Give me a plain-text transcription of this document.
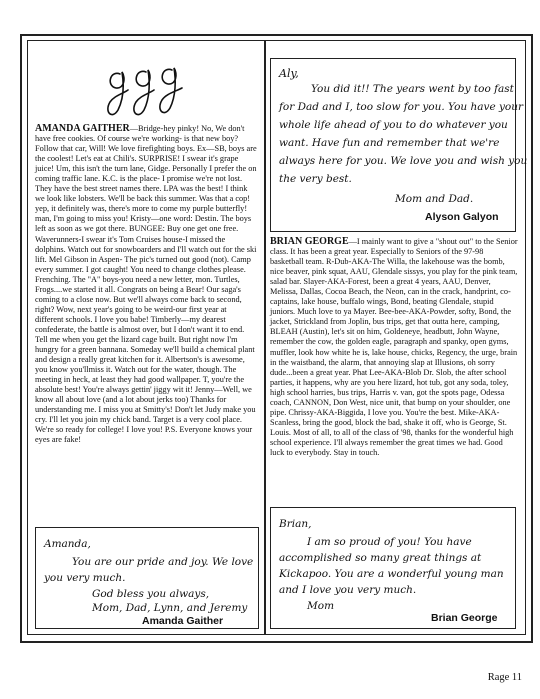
AMANDA GAITHER—Bridge-hey pinky! No, We don't have free cookies. Of course we're working- is that new boy? Follow that car, Will! We love firefighting boys. Ex—SB, boys are the coolest! Let's eat at Chili's. SURPRISE! I swear it's grape juice! Um, this isn't the turn lane, Gidge. Personally I prefer the on coming traffic lane. K.C. is the place- I promise we're not lost. They have the best street names there. LPA was the best! I think we look like lobsters. We'll be back this summer. Was that a cop! yep, it definitely was, there's more to come my purple butterfly! man, I'm going to miss you! Kristy—one word: Destin. The boys left as soon as we got there. BUNGEE: Buy one get one free. Waverunners-I swear it's Tom Cruises house-I missed the dolphins. Watch out for snowboarders and I'll watch out for the ski lift. Mel Gibson in Aspen- The pic's turned out good (not). Camp every summer. I got caught! You need to change clothes please. Frenching. The "A" boys-you need a new letter, mon. Turtles, Frogs....we started it all. Congrats on being a Bear! Our saga's coming to a close now. But we'll always come back to second, right? Wow, next year's going to be weird-our first year at different schools. I love you babe! Timberly—my dearest confederate, the battle is almost over, but I don't want it to end. Tell me when you get the lizard cage built. But right now I'm hungry for a green bannana. Someday we'll build a chemical plant and design a really great kitchen for it. Albertson's is awesome, you know you'llmiss it. Watch out for the water, though. The meeting in heck, at least they had good wallpaper. T, you're the absolute best! You're always gettin' jiggy wit it! Jenny—Well, we know all about love (and a lot about jerks too) Thanks for understanding me. I miss you at Smitty's! Don't let Judy make you cry. I'll let you join my chick band. Target is a very cool place. We're so ready for college! I love you! P.S. Everyone knows your eyes are fake!

BRIAN GEORGE—I mainly want to give a "shout out" to the Senior class. It has been a great year. Especially to Seniors of the 97-98 basketball team. R-Dub-AKA-The Willa, the lakehouse was the bomb, nice beaver, pink squat, AAU, Glendale sissys, you play for the pink team, salad bar. Slayer-AKA-Forest, been a great 4 years, AAU, Denver, Melissa, Dallas, Cocoa Beach, the Neon, can in the crack, handprint, co-captains, lake house, buffalo wings, Bond, beating Glendale, stupid juniors. Much love to ya Mayer. Bee-bee-AKA-Powder, softy, Bond, the jacket, Strickland from Joplin, bus trips, get that outta here, camping, BLEAH (Austin), let's sit on him, Goldeneye, headbutt, John Wayne, remember the cow, the golden eagle, paragraph and spanky, open gyms, muffler, look how white he is, lake house, chicks, Regency, the urge, brain in the waistband, the alarm, that annoying slap at Illusions, oh sorry dude...been a great year. Phat Lee-AKA-Blob Dr. Slob, the after school parties, it happens, why are you here lizard, hot tub, got any soda, toley, high school harries, bus trips, Harris v. van, got the spots page, Odessa coach, CANNON, Don West, nice unit, that bump on your shoulder, one pipe. Chrissy-AKA-Biggida, I love you. You're the best. Mike-AKA-Scanless, bring the good, block the bad, shake it off, who is George, St. Louis. Most of all, to all of the class of '98, thanks for the wonderful high school experience. I'll always remember the great times we had. Good luck to everybody. Stay in touch.

Aly,
You did it!! The years went by too fast
for Dad and I, too slow for you. You have your
whole life ahead of you to do whatever you
want. Have fun and remember that we're
always here for you. We love you and wish you
the very best.
Mom and Dad.
Alyson Galyon
Amanda,
You are our pride and joy. We love
you very much.
God bless you always,
Mom, Dad, Lynn, and Jeremy
Amanda Gaither
Brian,
I am so proud of you! You have
accomplished so many great things at
Kickapoo. You are a wonderful young man
and I love you very much.
Mom
Brian George
Rage 11
